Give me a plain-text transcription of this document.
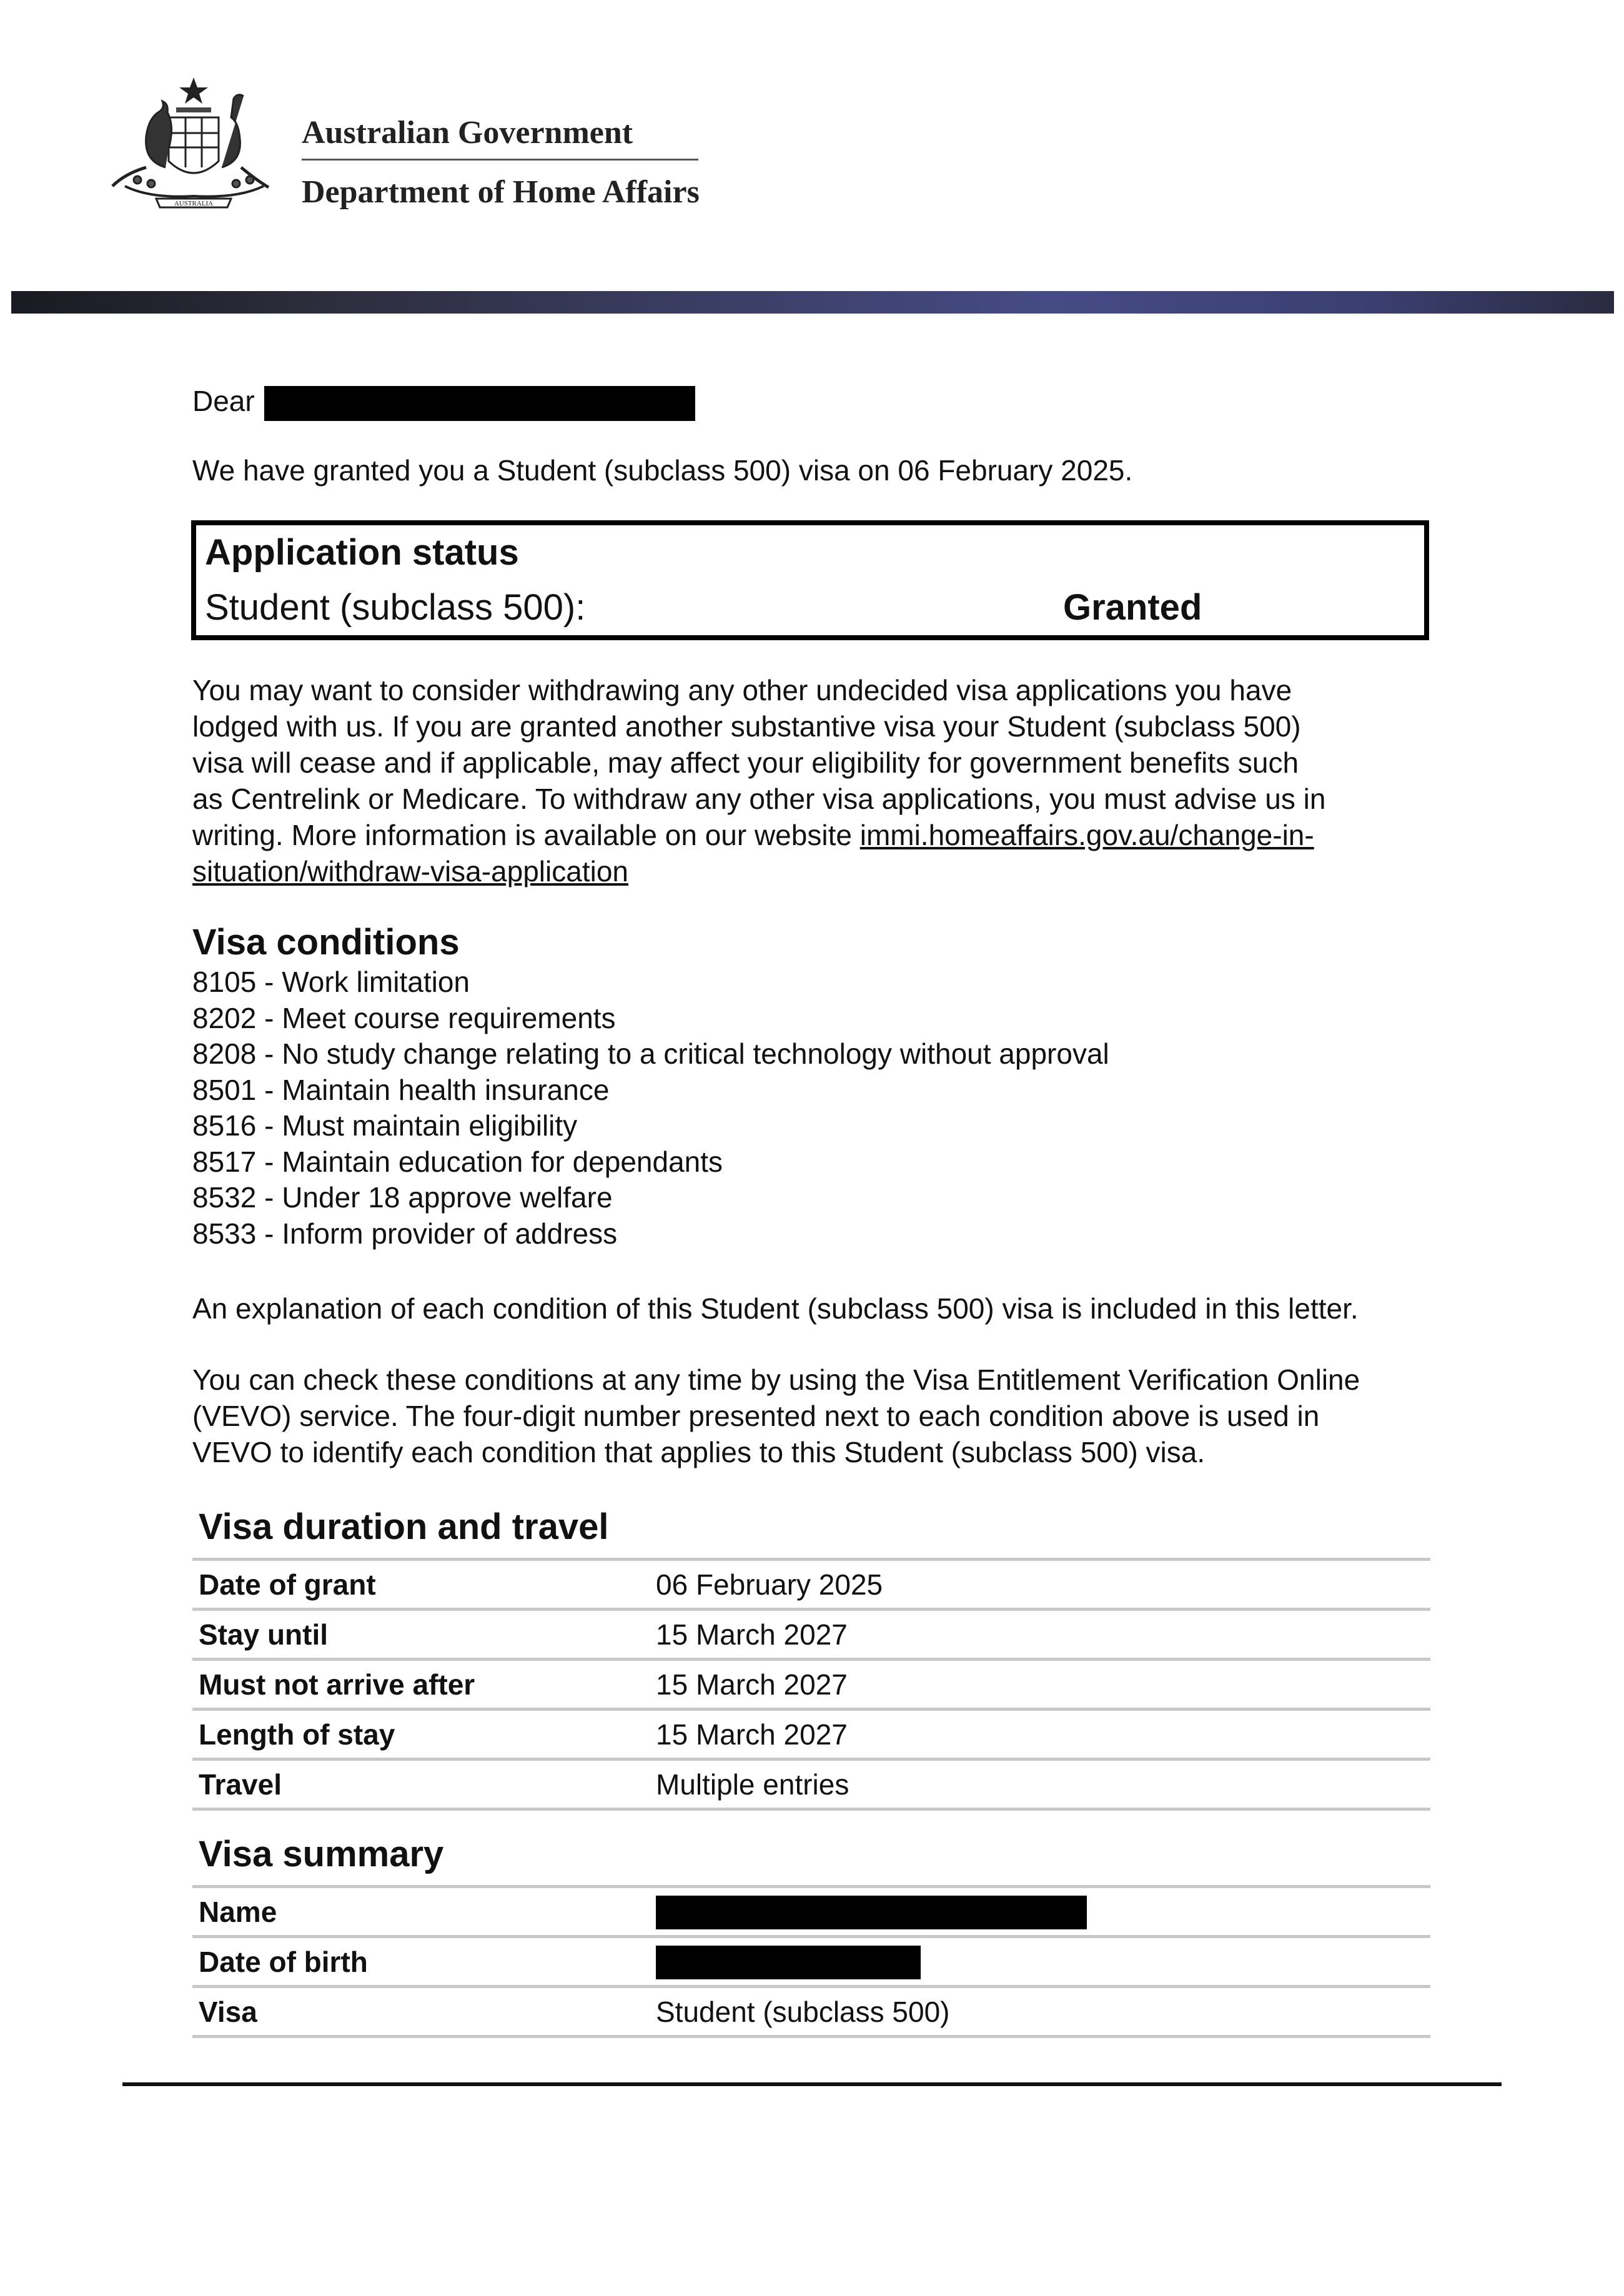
AUSTRALIA
Australian Government
Department of Home Affairs
Dear
We have granted you a Student (subclass 500) visa on 06 February 2025.
Application status
Student (subclass 500):	Granted
You may want to consider withdrawing any other undecided visa applications you have
lodged with us. If you are granted another substantive visa your Student (subclass 500)
visa will cease and if applicable, may affect your eligibility for government benefits such
as Centrelink or Medicare. To withdraw any other visa applications, you must advise us in
writing. More information is available on our website immi.homeaffairs.gov.au/change-in-
situation/withdraw-visa-application
Visa conditions
8105 - Work limitation
8202 - Meet course requirements
8208 - No study change relating to a critical technology without approval
8501 - Maintain health insurance
8516 - Must maintain eligibility
8517 - Maintain education for dependants
8532 - Under 18 approve welfare
8533 - Inform provider of address
An explanation of each condition of this Student (subclass 500) visa is included in this letter.
You can check these conditions at any time by using the Visa Entitlement Verification Online
(VEVO) service. The four-digit number presented next to each condition above is used in
VEVO to identify each condition that applies to this Student (subclass 500) visa.
Visa duration and travel
Date of grant	06 February 2025
Stay until	15 March 2027
Must not arrive after	15 March 2027
Length of stay	15 March 2027
Travel	Multiple entries
Visa summary
Name	
Date of birth	
Visa	Student (subclass 500)
